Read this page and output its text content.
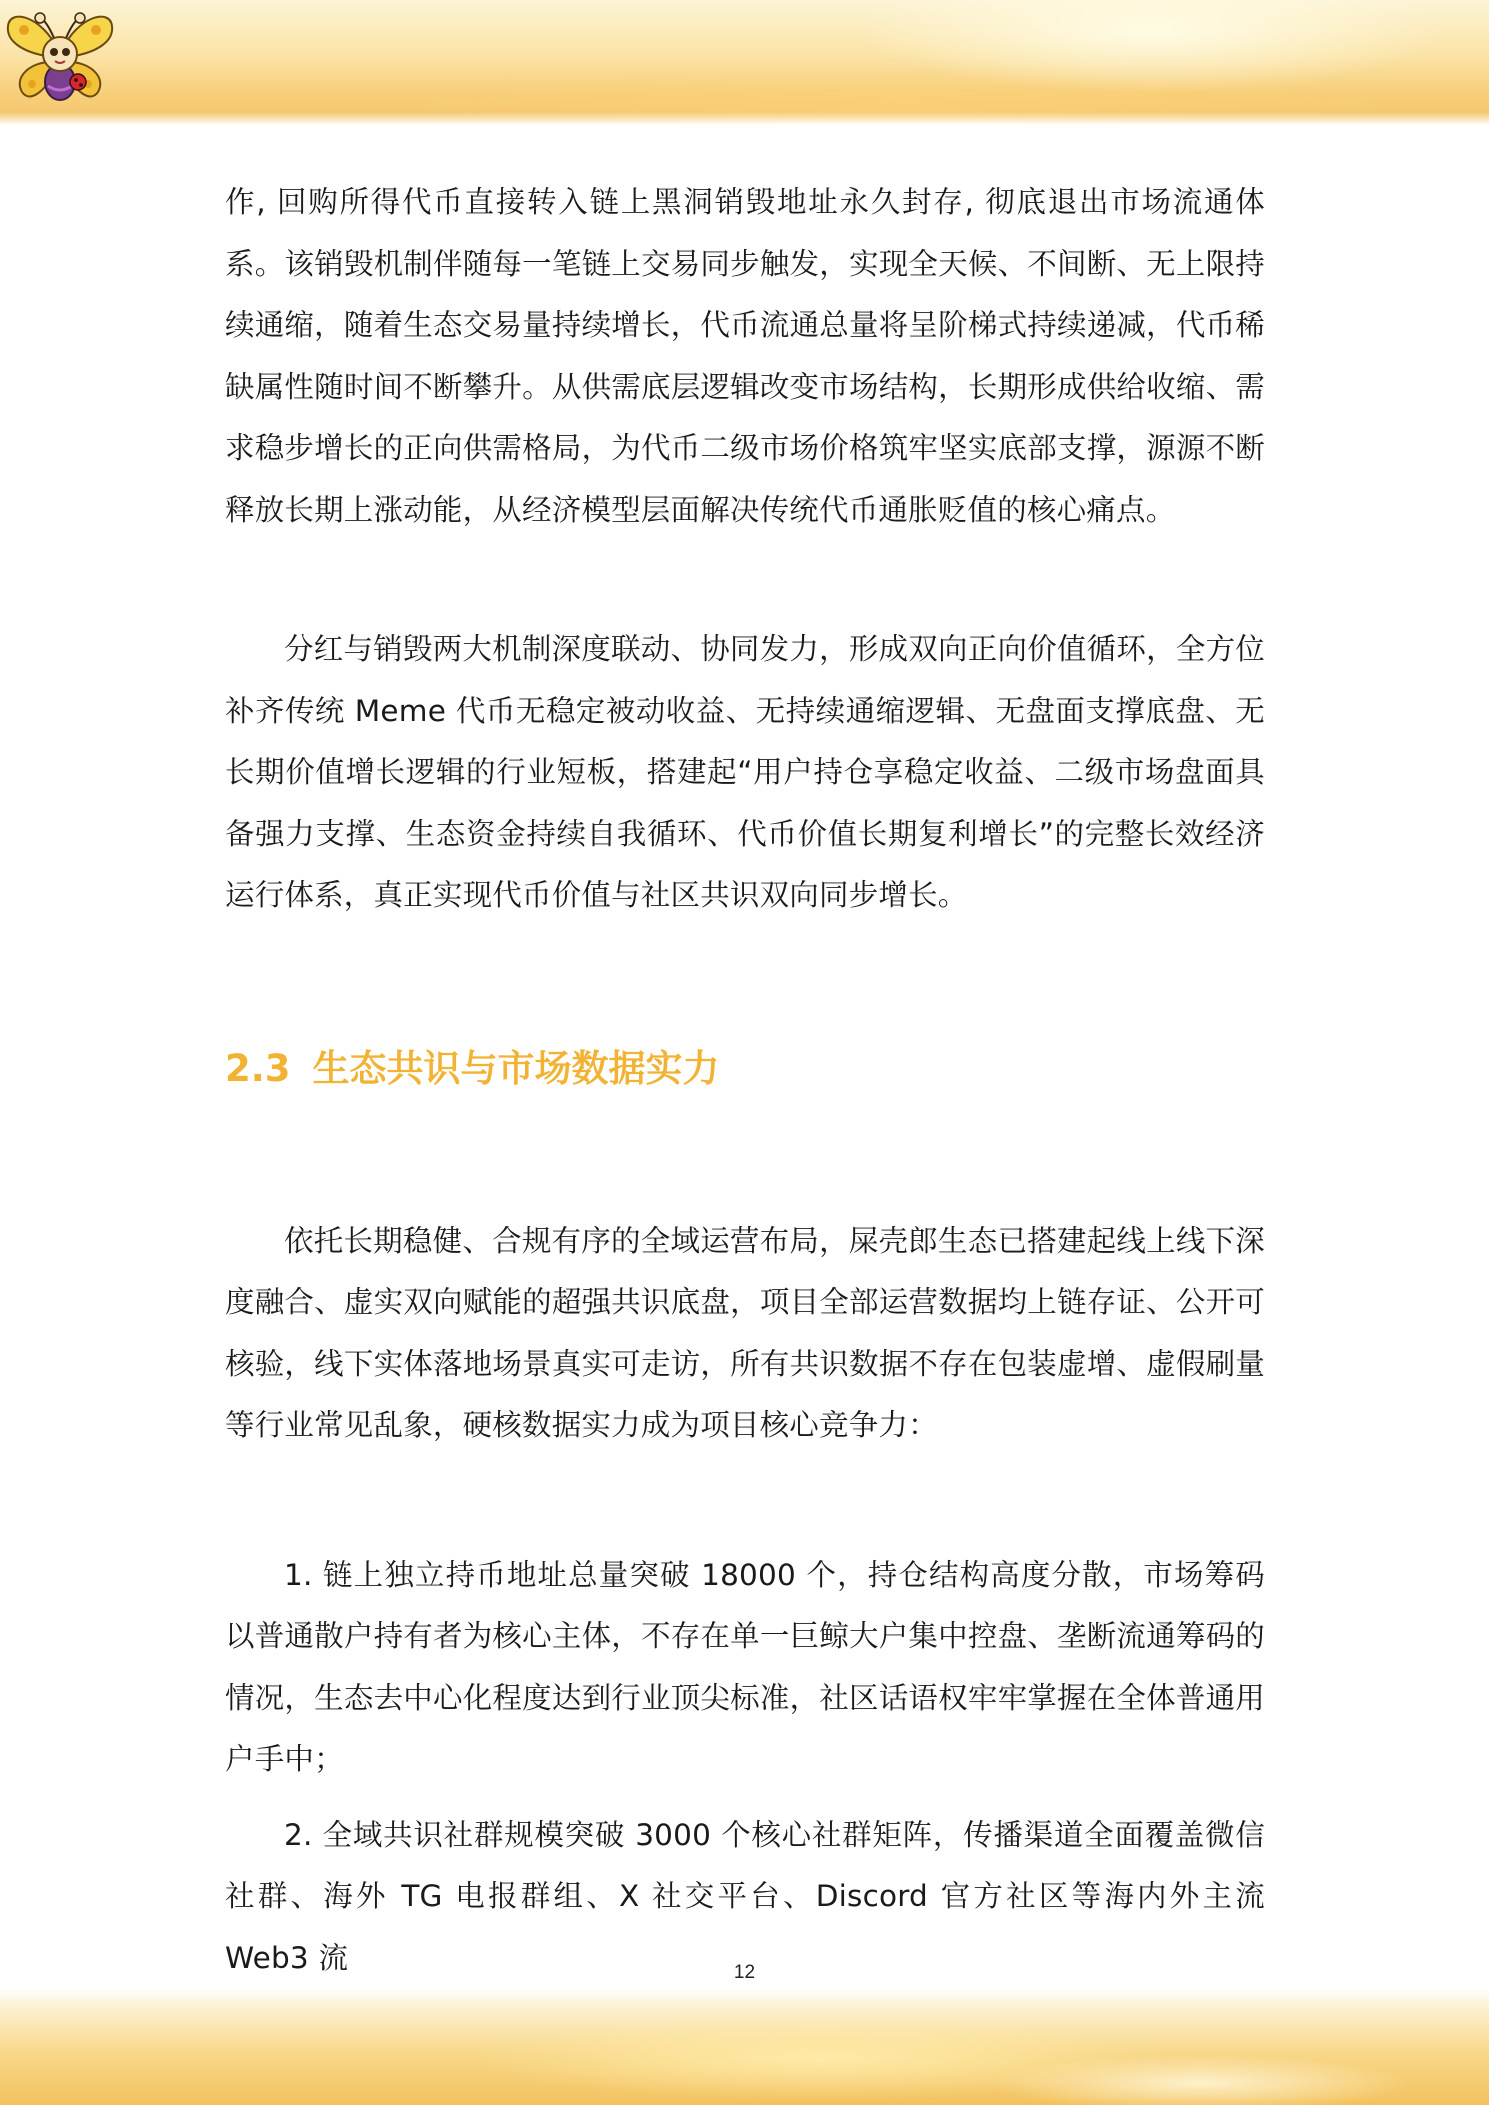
作, 回购所得代币直接转入链上黑洞销毁地址永久封存, 彻底退出市场流通体系。该销毁机制伴随每一笔链上交易同步触发，实现全天候、不间断、无上限持续通缩，随着生态交易量持续增长，代币流通总量将呈阶梯式持续递减，代币稀缺属性随时间不断攀升。从供需底层逻辑改变市场结构，长期形成供给收缩、需求稳步增长的正向供需格局，为代币二级市场价格筑牢坚实底部支撑，源源不断释放长期上涨动能，从经济模型层面解决传统代币通胀贬值的核心痛点。

分红与销毁两大机制深度联动、协同发力，形成双向正向价值循环，全方位补齐传统 Meme 代币无稳定被动收益、无持续通缩逻辑、无盘面支撑底盘、无长期价值增长逻辑的行业短板，搭建起“用户持仓享稳定收益、二级市场盘面具备强力支撑、生态资金持续自我循环、代币价值长期复利增长”的完整长效经济运行体系，真正实现代币价值与社区共识双向同步增长。

2.3 生态共识与市场数据实力

依托长期稳健、合规有序的全域运营布局，屎壳郎生态已搭建起线上线下深度融合、虚实双向赋能的超强共识底盘，项目全部运营数据均上链存证、公开可核验，线下实体落地场景真实可走访，所有共识数据不存在包装虚增、虚假刷量等行业常见乱象，硬核数据实力成为项目核心竞争力：

1. 链上独立持币地址总量突破 18000 个，持仓结构高度分散，市场筹码以普通散户持有者为核心主体，不存在单一巨鲸大户集中控盘、垄断流通筹码的情况，生态去中心化程度达到行业顶尖标准，社区话语权牢牢掌握在全体普通用户手中；

2. 全域共识社群规模突破 3000 个核心社群矩阵，传播渠道全面覆盖微信社群、海外 TG 电报群组、X 社交平台、Discord 官方社区等海内外主流 Web3 流	12
